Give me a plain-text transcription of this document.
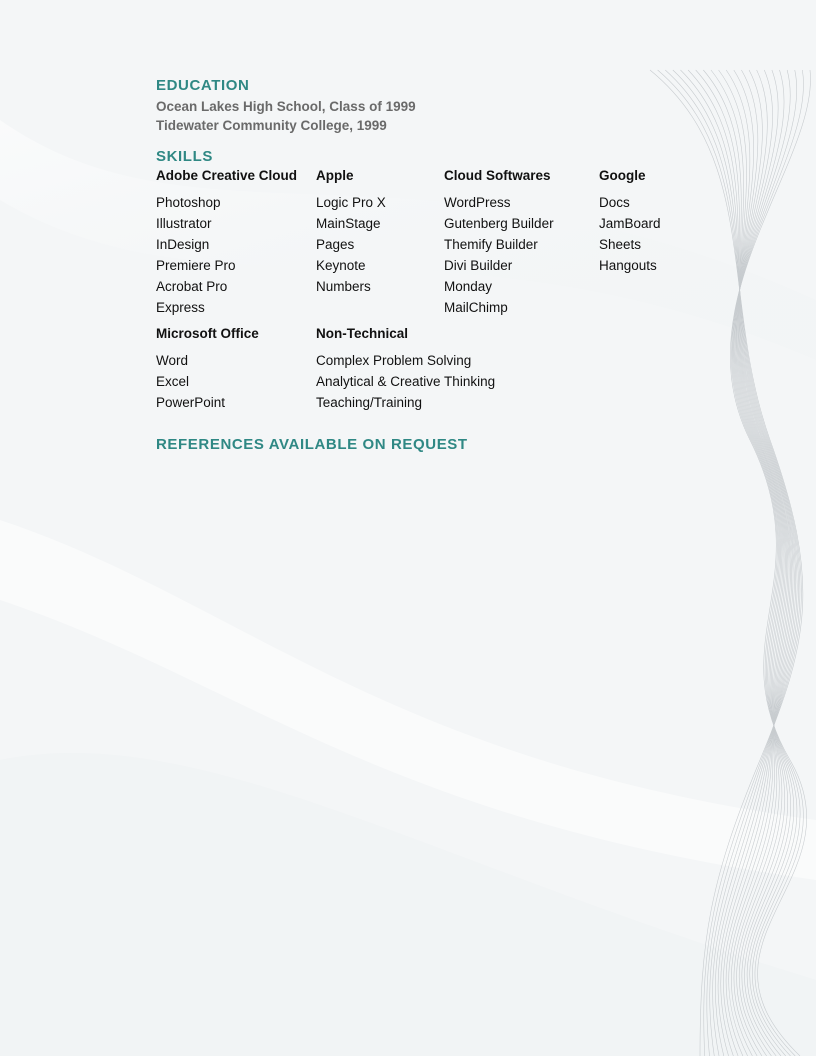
EDUCATION
Ocean Lakes High School, Class of 1999
Tidewater Community College, 1999
SKILLS
Adobe Creative Cloud
Photoshop
Illustrator
InDesign
Premiere Pro
Acrobat Pro
Express
Apple
Logic Pro X
MainStage
Pages
Keynote
Numbers
Cloud Softwares
WordPress
Gutenberg Builder
Themify Builder
Divi Builder
Monday
MailChimp
Google
Docs
JamBoard
Sheets
Hangouts
Microsoft Office
Word
Excel
PowerPoint
Non-Technical
Complex Problem Solving
Analytical & Creative Thinking
Teaching/Training
REFERENCES AVAILABLE ON REQUEST
